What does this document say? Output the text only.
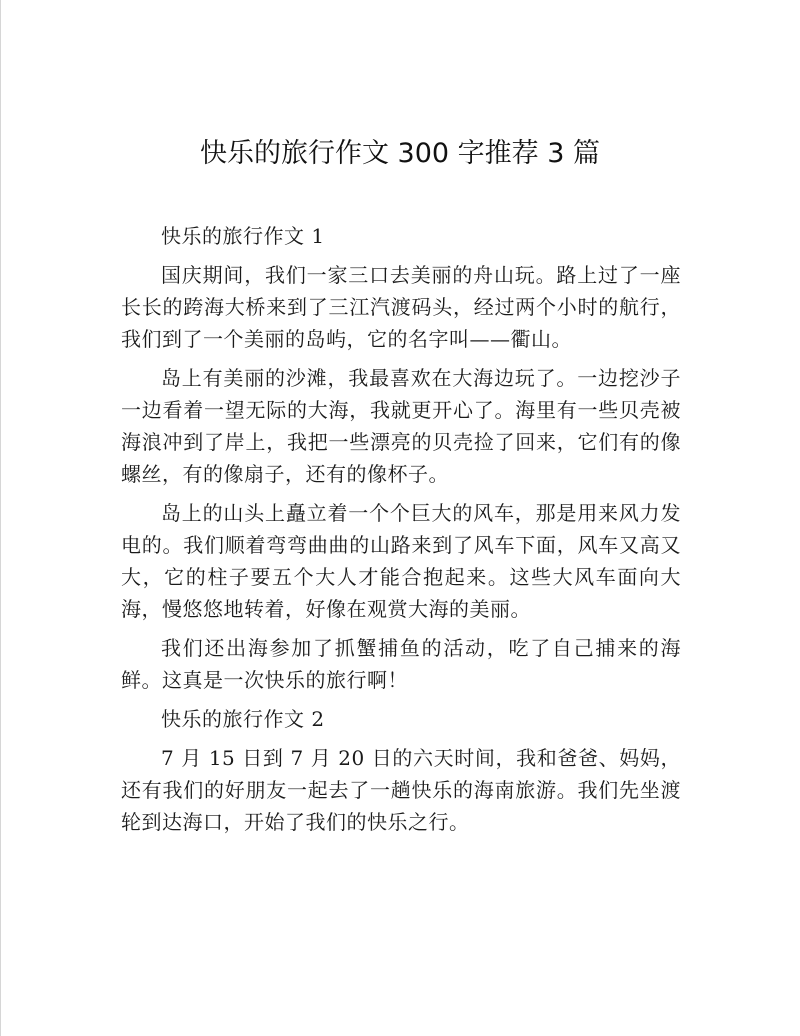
快乐的旅行作文 300 字推荐 3 篇

快乐的旅行作文 1

国庆期间，我们一家三口去美丽的舟山玩。路上过了一座长长的跨海大桥来到了三江汽渡码头，经过两个小时的航行，我们到了一个美丽的岛屿，它的名字叫——衢山。

岛上有美丽的沙滩，我最喜欢在大海边玩了。一边挖沙子一边看着一望无际的大海，我就更开心了。海里有一些贝壳被海浪冲到了岸上，我把一些漂亮的贝壳捡了回来，它们有的像螺丝，有的像扇子，还有的像杯子。

岛上的山头上矗立着一个个巨大的风车，那是用来风力发电的。我们顺着弯弯曲曲的山路来到了风车下面，风车又高又大，它的柱子要五个大人才能合抱起来。这些大风车面向大海，慢悠悠地转着，好像在观赏大海的美丽。

我们还出海参加了抓蟹捕鱼的活动，吃了自己捕来的海鲜。这真是一次快乐的旅行啊！

快乐的旅行作文 2

7 月 15 日到 7 月 20 日的六天时间，我和爸爸、妈妈，还有我们的好朋友一起去了一趟快乐的海南旅游。我们先坐渡轮到达海口，开始了我们的快乐之行。
